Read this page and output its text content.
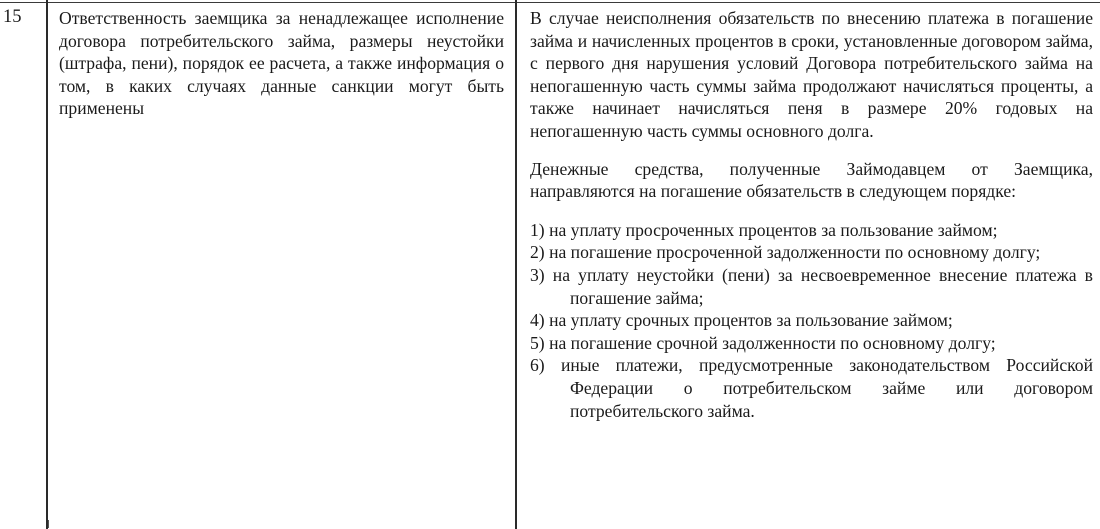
15 Ответственность заемщика за ненадлежащее исполнение договора потребительского займа, размеры неустойки (штрафа, пени), порядок ее расчета, а также информация о том, в каких случаях данные санкции могут быть применены

В случае неисполнения обязательств по внесению платежа в погашение займа и начисленных процентов в сроки, установленные договором займа, с первого дня нарушения условий Договора потребительского займа на непогашенную часть суммы займа продолжают начисляться проценты, а также начинает начисляться пеня в размере 20% годовых на непогашенную часть суммы основного долга.

Денежные средства, полученные Займодавцем от Заемщика, направляются на погашение обязательств в следующем порядке:

1) на уплату просроченных процентов за пользование займом;
2) на погашение просроченной задолженности по основному долгу;
3) на уплату неустойки (пени) за несвоевременное внесение платежа в погашение займа;
4) на уплату срочных процентов за пользование займом;
5) на погашение срочной задолженности по основному долгу;
6) иные платежи, предусмотренные законодательством Российской Федерации о потребительском займе или договором потребительского займа.
